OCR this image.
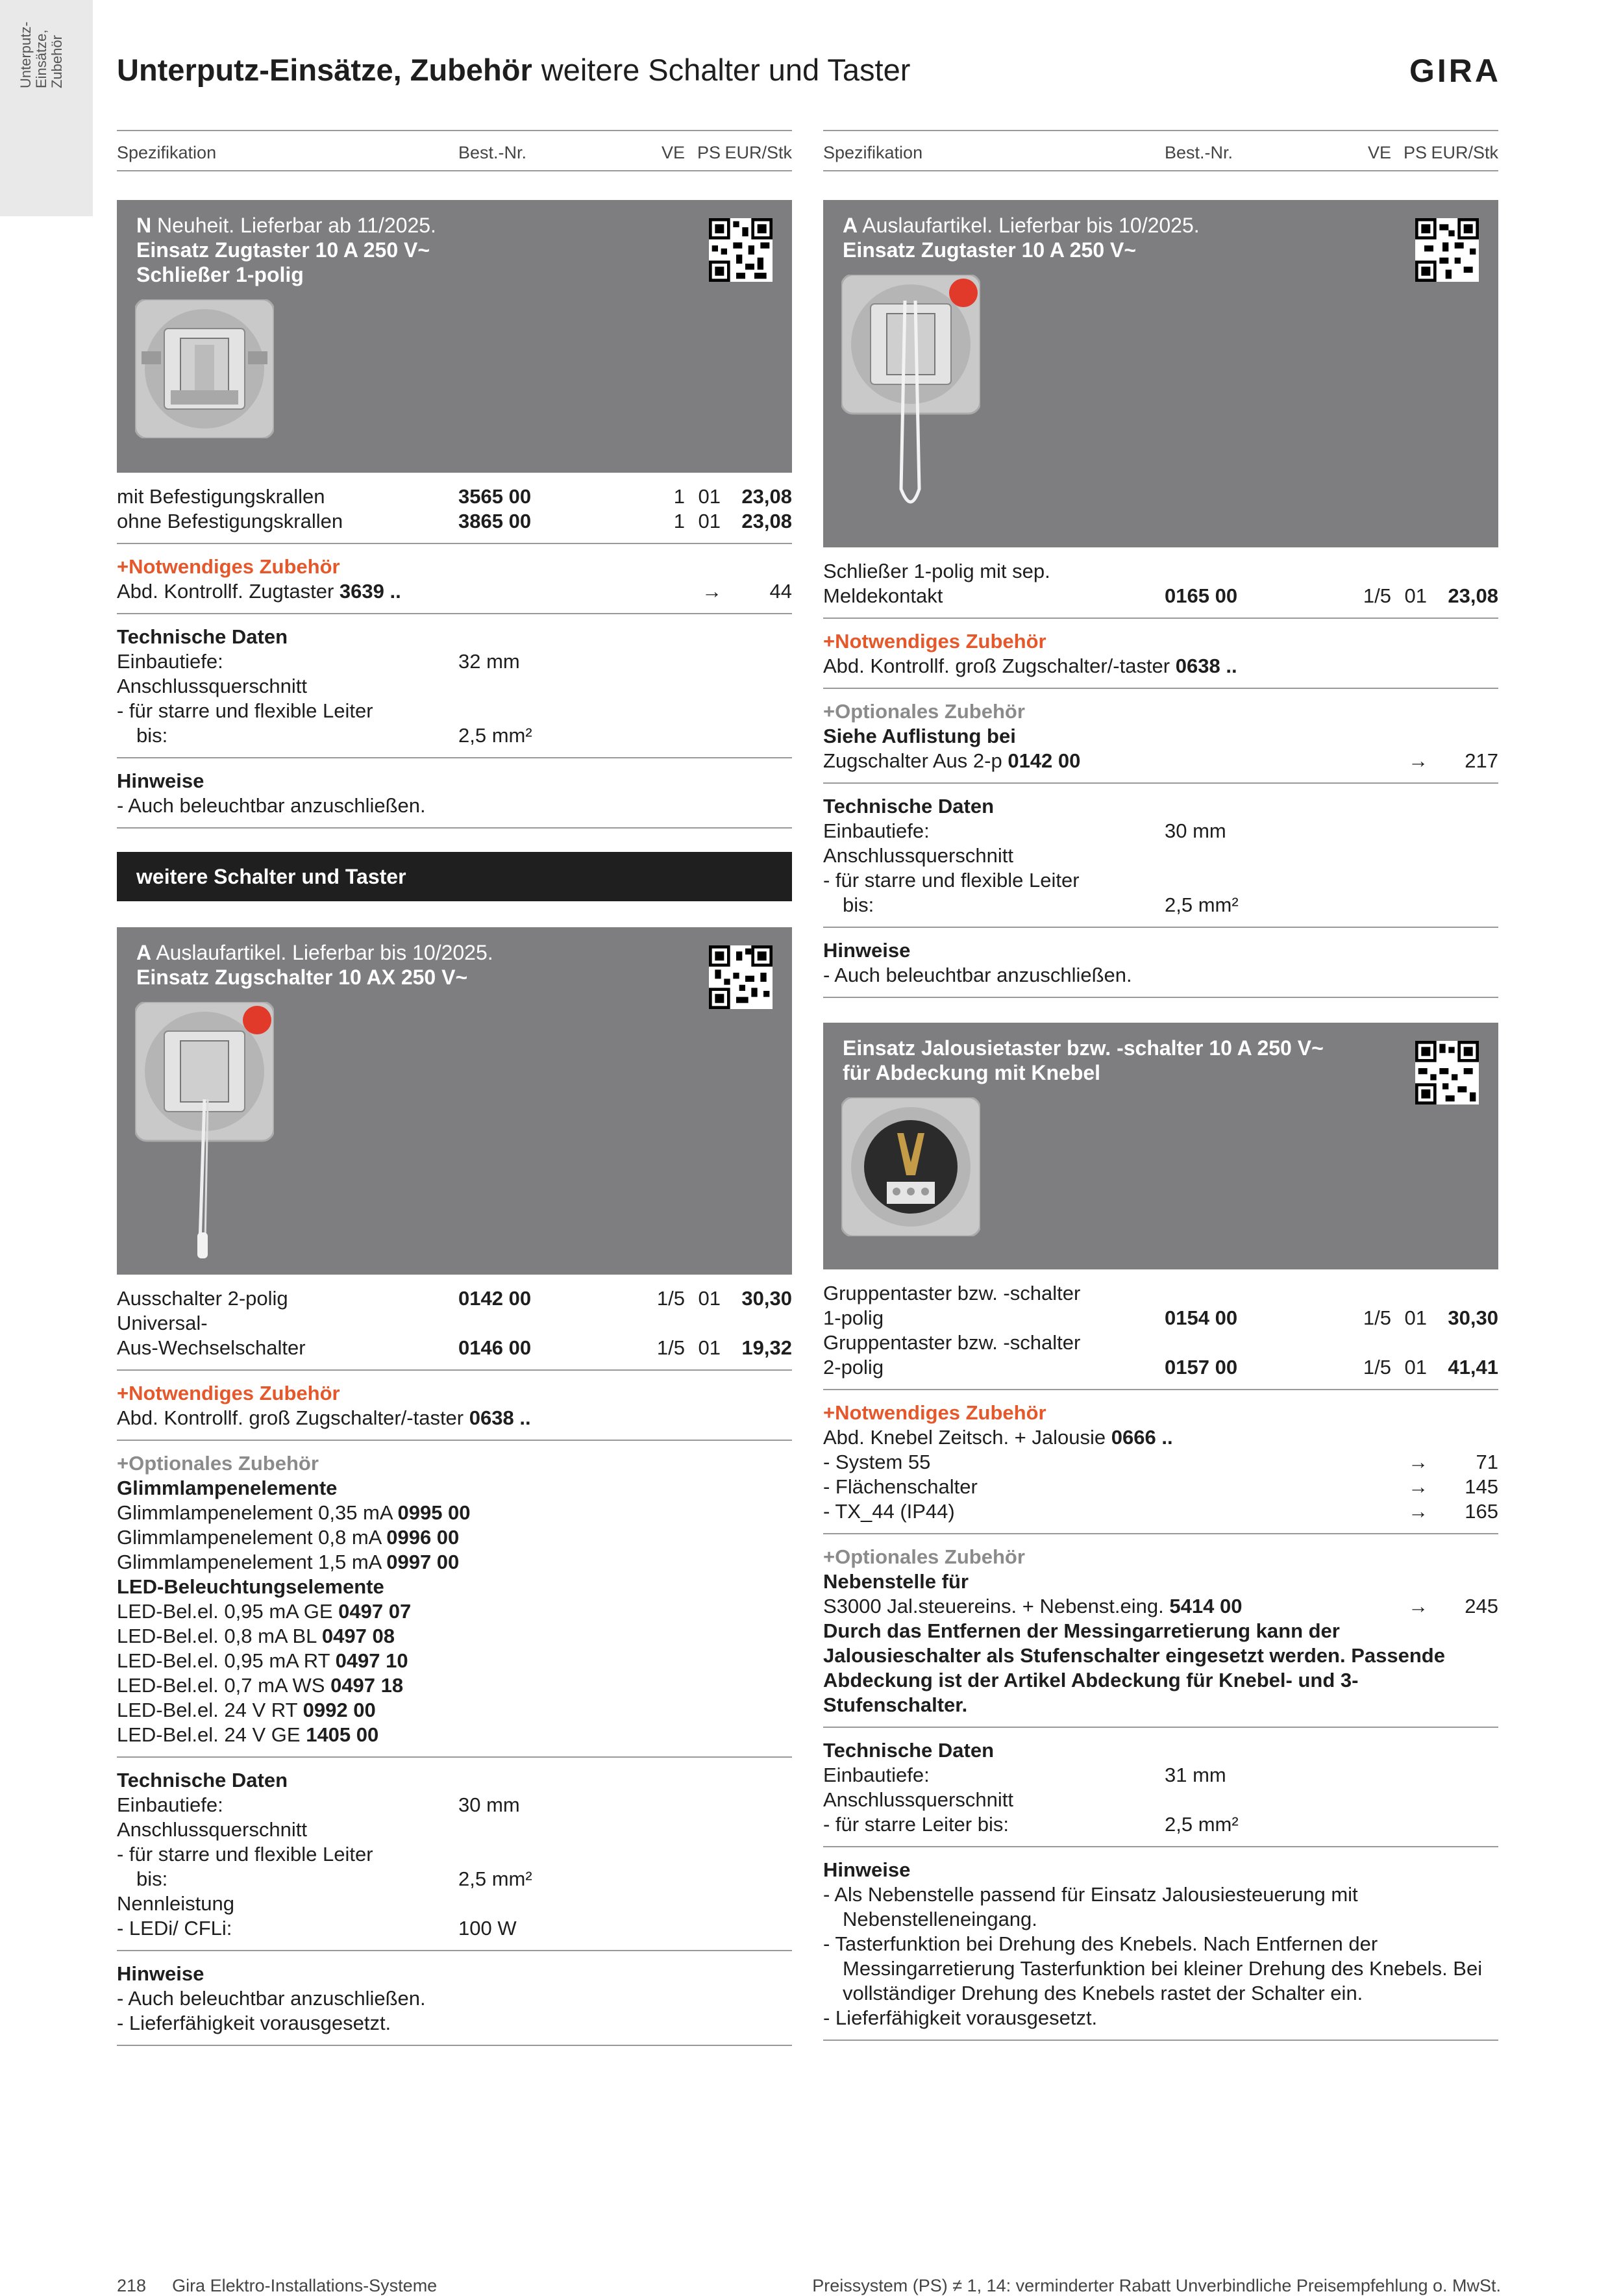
Unterputz- Einsätze, Zubehör Unterputz-Einsätze, Zubehör weitere Schalter und Taster	GIRA
Spezifikation	Best.-Nr.	VE PS EUR/Stk
N Neuheit. Lieferbar ab 11/2025.
Einsatz Zugtaster 10 A 250 V~
Schließer 1-polig
mit Befestigungskrallen	3565 00	1 01 23,08
ohne Befestigungskrallen	3865 00	1 01 23,08
+Notwendiges Zubehör
Abd. Kontrollf. Zugtaster 3639 ..	→ 44
Technische Daten
Einbautiefe:	32 mm
Anschlussquerschnitt
- für starre und flexible Leiter
bis:	2,5 mm²
Hinweise
- Auch beleuchtbar anzuschließen.
weitere Schalter und Taster
A Auslaufartikel. Lieferbar bis 10/2025.
Einsatz Zugschalter 10 AX 250 V~
Ausschalter 2-polig	0142 00	1/5 01 30,30
Universal-
Aus-Wechselschalter	0146 00	1/5 01 19,32
+Notwendiges Zubehör
Abd. Kontrollf. groß Zugschalter/-taster 0638 ..
+Optionales Zubehör
Glimmlampenelemente
Glimmlampenelement 0,35 mA 0995 00
Glimmlampenelement 0,8 mA 0996 00
Glimmlampenelement 1,5 mA 0997 00
LED-Beleuchtungselemente
LED-Bel.el. 0,95 mA GE 0497 07
LED-Bel.el. 0,8 mA BL 0497 08
LED-Bel.el. 0,95 mA RT 0497 10
LED-Bel.el. 0,7 mA WS 0497 18
LED-Bel.el. 24 V RT 0992 00
LED-Bel.el. 24 V GE 1405 00
Technische Daten
Einbautiefe:	30 mm
Anschlussquerschnitt
- für starre und flexible Leiter
bis:	2,5 mm²
Nennleistung
- LEDi/ CFLi:	100 W
Hinweise
- Auch beleuchtbar anzuschließen.
- Lieferfähigkeit vorausgesetzt.
Spezifikation	Best.-Nr.	VE PS EUR/Stk
A Auslaufartikel. Lieferbar bis 10/2025.
Einsatz Zugtaster 10 A 250 V~
Schließer 1-polig mit sep.
Meldekontakt	0165 00	1/5 01 23,08
+Notwendiges Zubehör
Abd. Kontrollf. groß Zugschalter/-taster 0638 ..
+Optionales Zubehör
Siehe Auflistung bei
Zugschalter Aus 2-p 0142 00	→ 217
Technische Daten
Einbautiefe:	30 mm
Anschlussquerschnitt
- für starre und flexible Leiter
bis:	2,5 mm²
Hinweise
- Auch beleuchtbar anzuschließen.
Einsatz Jalousietaster bzw. -schalter 10 A 250 V~
für Abdeckung mit Knebel
Gruppentaster bzw. -schalter
1-polig	0154 00	1/5 01 30,30
Gruppentaster bzw. -schalter
2-polig	0157 00	1/5 01 41,41
+Notwendiges Zubehör
Abd. Knebel Zeitsch. + Jalousie 0666 ..
- System 55	→ 71
- Flächenschalter	→ 145
- TX_44 (IP44)	→ 165
+Optionales Zubehör
Nebenstelle für
S3000 Jal.steuereins. + Nebenst.eing. 5414 00	→ 245
Durch das Entfernen der Messingarretierung kann der Jalousieschalter als Stufenschalter eingesetzt werden. Passende Abdeckung ist der Artikel Abdeckung für Knebel- und 3-Stufenschalter.
Technische Daten
Einbautiefe:	31 mm
Anschlussquerschnitt
- für starre Leiter bis:	2,5 mm²
Hinweise
- Als Nebenstelle passend für Einsatz Jalousiesteuerung mit Nebenstelleneingang.
- Tasterfunktion bei Drehung des Knebels. Nach Entfernen der Messingarretierung Tasterfunktion bei kleiner Drehung des Knebels. Bei vollständiger Drehung des Knebels rastet der Schalter ein.
- Lieferfähigkeit vorausgesetzt.
218 Gira Elektro-Installations-Systeme	Preissystem (PS) ≠ 1, 14: verminderter Rabatt Unverbindliche Preisempfehlung o. MwSt.
